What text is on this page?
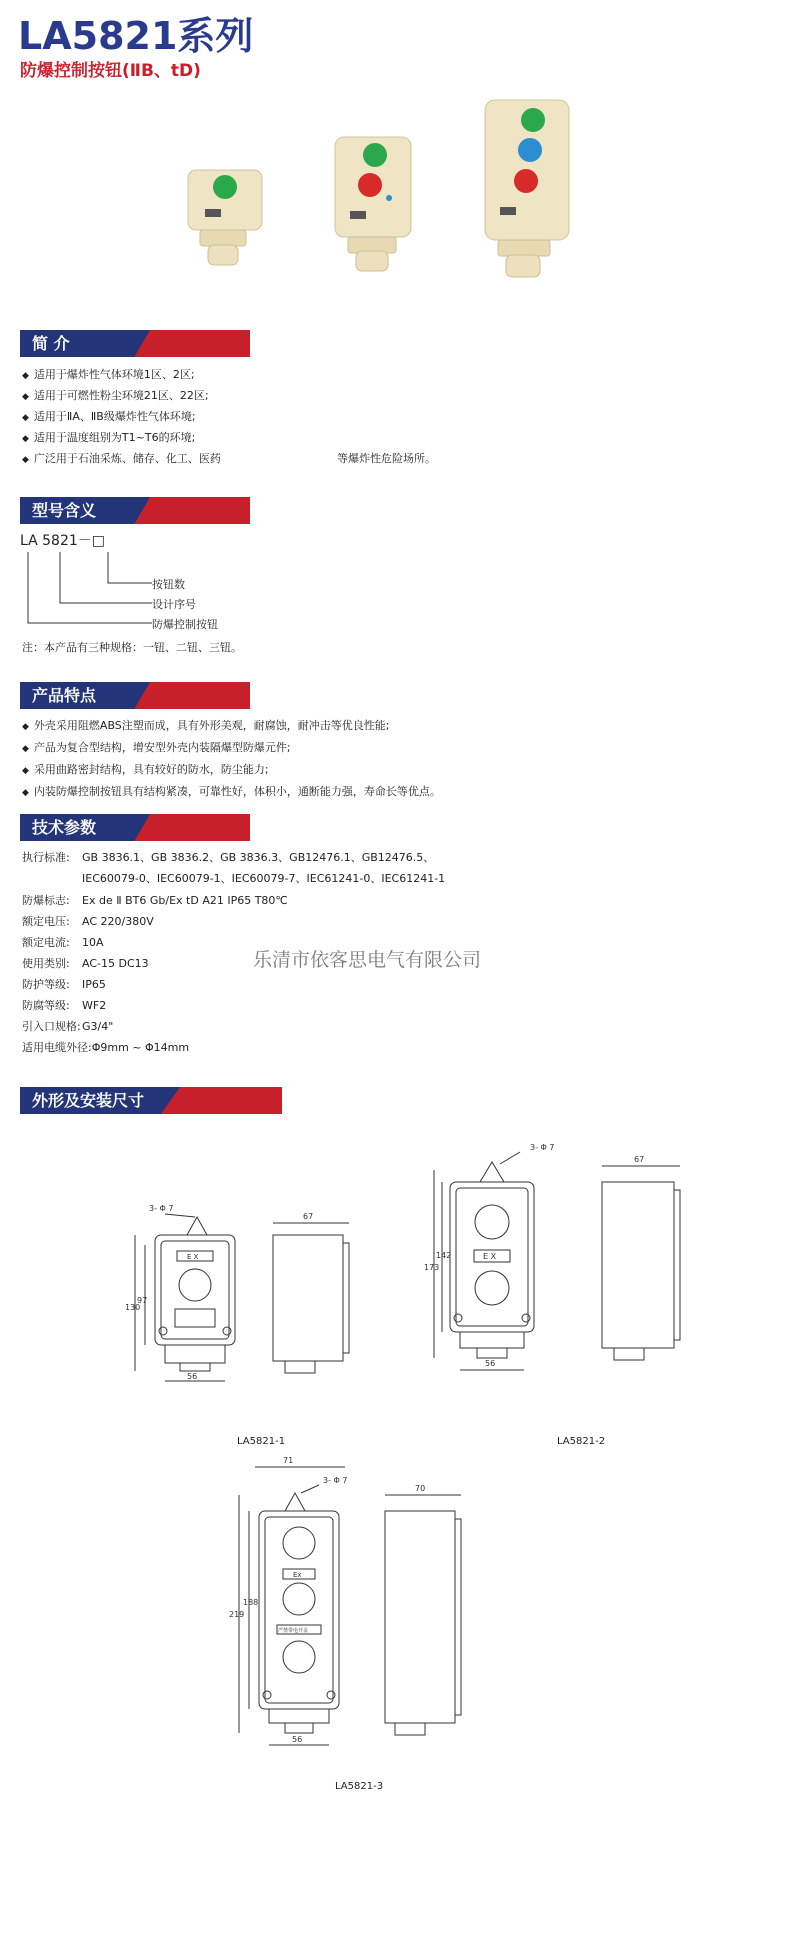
LA5821系列
防爆控制按钮(ⅡB、tD)
简 介
◆ 适用于爆炸性气体环境1区、2区;
◆ 适用于可燃性粉尘环境21区、22区;
◆ 适用于ⅡA、ⅡB级爆炸性气体环境;
◆ 适用于温度组别为T1~T6的环境;
◆ 广泛用于石油采炼、储存、化工、医药	等爆炸性危险场所。
型号含义
LA 5821－□
按钮数
设计序号
防爆控制按钮
注：本产品有三种规格：一钮、二钮、三钮。
产品特点
◆ 外壳采用阻燃ABS注塑而成，具有外形美观，耐腐蚀，耐冲击等优良性能;
◆ 产品为复合型结构，增安型外壳内装隔爆型防爆元件;
◆ 采用曲路密封结构，具有较好的防水，防尘能力;
◆ 内装防爆控制按钮具有结构紧凑，可靠性好，体积小，通断能力强，寿命长等优点。
技术参数
执行标准: GB 3836.1、GB 3836.2、GB 3836.3、GB12476.1、GB12476.5、
IEC60079-0、IEC60079-1、IEC60079-7、IEC61241-0、IEC61241-1
防爆标志: Ex de Ⅱ BT6 Gb/Ex tD A21 IP65 T80℃
额定电压: AC 220/380V
额定电流: 10A
使用类别: AC-15 DC13
防护等级: IP65
防腐等级: WF2
引入口规格:G3/4"
适用电缆外径:Φ9mm ~ Φ14mm
乐清市依客思电气有限公司
外形及安装尺寸
3- Φ 7
E X
130
97
56
67
LA5821-1
3- Φ 7
E X
173
142
56
67
LA5821-2
71
3- Φ 7
Ex
严禁带电开盖
219
188
56
70
LA5821-3
